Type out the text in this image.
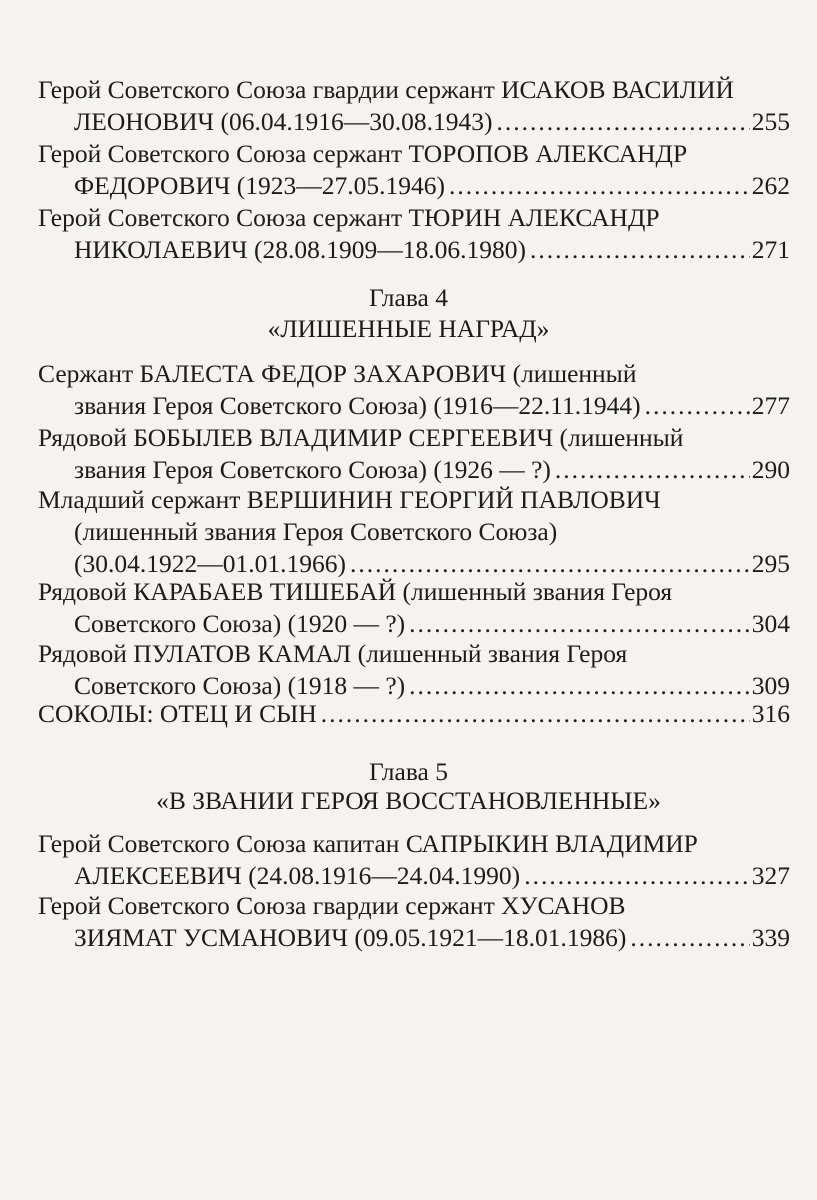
Герой Советского Союза гвардии сержант ИСАКОВ ВАСИЛИЙ
ЛЕОНОВИЧ (06.04.1916—30.08.1943) .....	255
Герой Советского Союза сержант ТОРОПОВ АЛЕКСАНДР
ФЕДОРОВИЧ (1923—27.05.1946) .....	262
Герой Советского Союза сержант ТЮРИН АЛЕКСАНДР
НИКОЛАЕВИЧ (28.08.1909—18.06.1980) .....	271
Глава 4
«ЛИШЕННЫЕ НАГРАД»
Сержант БАЛЕСТА ФЕДОР ЗАХАРОВИЧ (лишенный
звания Героя Советского Союза) (1916—22.11.1944) .....	277
Рядовой БОБЫЛЕВ ВЛАДИМИР СЕРГЕЕВИЧ (лишенный
звания Героя Советского Союза) (1926 — ?) .....	290
Младший сержант ВЕРШИНИН ГЕОРГИЙ ПАВЛОВИЧ
(лишенный звания Героя Советского Союза)
(30.04.1922—01.01.1966) .....	295
Рядовой КАРАБАЕВ ТИШЕБАЙ (лишенный звания Героя
Советского Союза) (1920 — ?) .....	304
Рядовой ПУЛАТОВ КАМАЛ (лишенный звания Героя
Советского Союза) (1918 — ?) .....	309
СОКОЛЫ: ОТЕЦ И СЫН .....	316
Глава 5
«В ЗВАНИИ ГЕРОЯ ВОССТАНОВЛЕННЫЕ»
Герой Советского Союза капитан САПРЫКИН ВЛАДИМИР
АЛЕКСЕЕВИЧ (24.08.1916—24.04.1990) .....	327
Герой Советского Союза гвардии сержант ХУСАНОВ
ЗИЯМАТ УСМАНОВИЧ (09.05.1921—18.01.1986) .....	339
